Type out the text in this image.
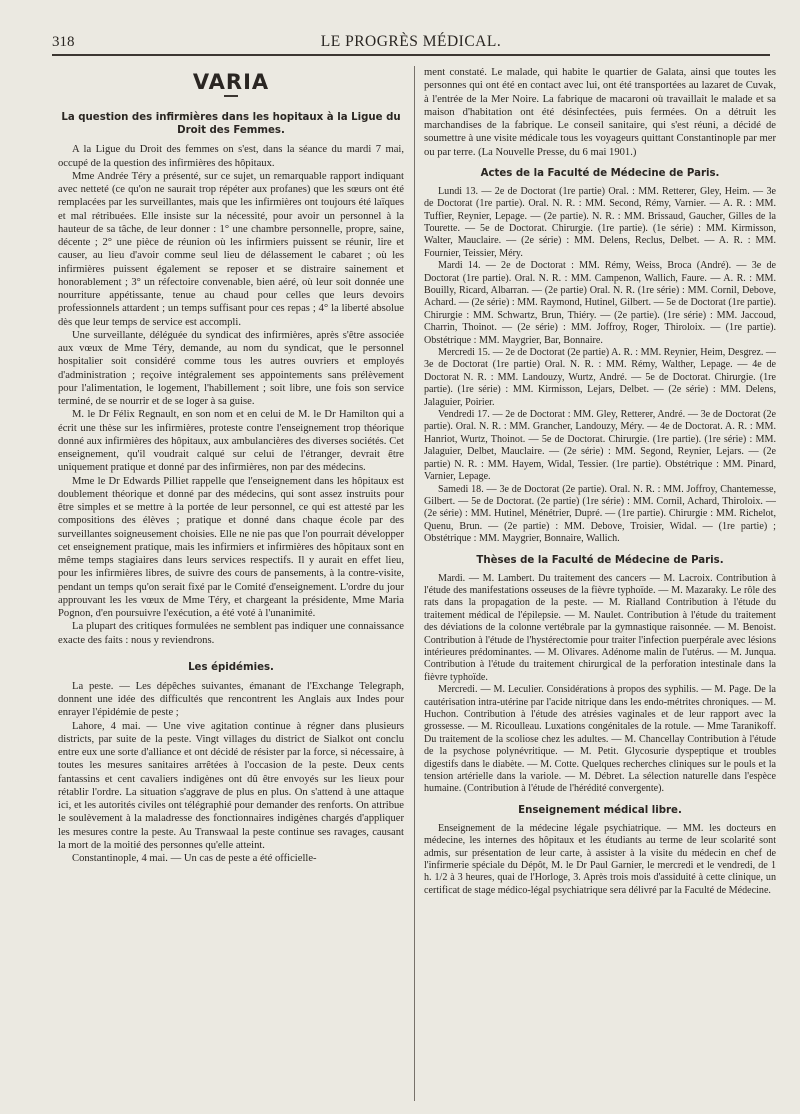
318	LE PROGRÈS MÉDICAL.
VARIA
La question des infirmières dans les hopitaux à la Ligue du Droit des Femmes.

A la Ligue du Droit des femmes on s'est, dans la séance du mardi 7 mai, occupé de la question des infirmières des hôpitaux.

Mme Andrée Téry a présenté, sur ce sujet, un remarquable rapport indiquant avec netteté (ce qu'on ne saurait trop répéter aux profanes) que les sœurs ont été remplacées par les surveillantes, mais que les infirmières ont toujours été laïques et mal rétribuées. Elle insiste sur la nécessité, pour avoir un personnel à la hauteur de sa tâche, de leur donner : 1° une chambre personnelle, propre, saine, décente ; 2° une pièce de réunion où les infirmiers puissent se réunir, lire et causer, au lieu d'avoir comme seul lieu de délassement le cabaret ; où les infirmières puissent également se reposer et se distraire sainement et honorablement ; 3° un réfectoire convenable, bien aéré, où leur soit donnée une nourriture appétissante, tenue au chaud pour celles que leurs devoirs professionnels attardent ; un temps suffisant pour ces repas ; 4° la liberté absolue dès que leur temps de service est accompli.

Une surveillante, déléguée du syndicat des infirmières, après s'être associée aux vœux de Mme Téry, demande, au nom du syndicat, que le personnel hospitalier soit considéré comme tous les autres ouvriers et employés d'administration ; reçoive intégralement ses appointements sans prélèvement pour l'alimentation, le logement, l'habillement ; soit libre, une fois son service terminé, de se nourrir et de se loger à sa guise.

M. le Dr Félix Regnault, en son nom et en celui de M. le Dr Hamilton qui a écrit une thèse sur les infirmières, proteste contre l'enseignement trop théorique donné aux infirmières des hôpitaux, aux ambulancières des diverses sociétés. Cet enseignement, qu'il voudrait calqué sur celui de l'étranger, devrait être uniquement pratique et donné par des infirmières, non par des médecins.

Mme le Dr Edwards Pilliet rappelle que l'enseignement dans les hôpitaux est doublement théorique et donné par des médecins, qui sont assez instruits pour être simples et se mettre à la portée de leur personnel, ce qui est attesté par les compositions des élèves ; pratique et donné dans chaque école par des surveillantes soigneusement choisies. Elle ne nie pas que l'on pourrait développer cet enseignement pratique, mais les infirmiers et infirmières des hôpitaux sont en même temps stagiaires dans leurs services respectifs. Il y aurait en effet lieu, pour les infirmières libres, de suivre des cours de pansements, à la contre-visite, pendant un temps qu'on serait fixé par le Comité d'enseignement. L'ordre du jour approuvant les les vœux de Mme Téry, et chargeant la présidente, Mme Maria Pognon, d'en poursuivre l'exécution, a été voté à l'unanimité.

La plupart des critiques formulées ne semblent pas indiquer une connaissance exacte des faits : nous y reviendrons.

Les épidémies.

La peste. — Les dépêches suivantes, émanant de l'Exchange Telegraph, donnent une idée des difficultés que rencontrent les Anglais aux Indes pour enrayer l'épidémie de peste ;

Lahore, 4 mai. — Une vive agitation continue à régner dans plusieurs districts, par suite de la peste. Vingt villages du district de Sialkot ont conclu entre eux une sorte d'alliance et ont décidé de résister par la force, si nécessaire, à toutes les mesures sanitaires arrêtées à l'occasion de la peste. Deux cents fantassins et cent cavaliers indigènes ont dû être envoyés sur les lieux pour rétablir l'ordre. La situation s'aggrave de plus en plus. On s'attend à une attaque ici, et les autorités civiles ont télégraphié pour demander des renforts. On attribue le soulèvement à la maladresse des fonctionnaires indigènes chargés d'appliquer les mesures contre la peste. Au Transwaal la peste continue ses ravages, causant la mort de la moitié des personnes qu'elle atteint.

Constantinople, 4 mai. — Un cas de peste a été officielle-

ment constaté. Le malade, qui habite le quartier de Galata, ainsi que toutes les personnes qui ont été en contact avec lui, ont été transportées au lazaret de Cuvak, à l'entrée de la Mer Noire. La fabrique de macaroni où travaillait le malade et sa maison d'habitation ont été désinfectées, puis fermées. On a détruit les marchandises de la fabrique. Le conseil sanitaire, qui s'est réuni, a décidé de soumettre à une visite médicale tous les voyageurs quittant Constantinople par mer ou par terre. (La Nouvelle Presse, du 6 mai 1901.)

Actes de la Faculté de Médecine de Paris.

Lundi 13. — 2e de Doctorat (1re partie) Oral. : MM. Retterer, Gley, Heim. — 3e de Doctorat (1re partie). Oral. N. R. : MM. Second, Rémy, Varnier. — A. R. : MM. Tuffier, Reynier, Lepage. — (2e partie). N. R. : MM. Brissaud, Gaucher, Gilles de la Tourette. — 5e de Doctorat. Chirurgie. (1re partie). (1e série) : MM. Kirmisson, Walter, Mauclaire. — (2e série) : MM. Delens, Reclus, Delbet. — A. R. : MM. Fournier, Teissier, Méry.

Mardi 14. — 2e de Doctorat : MM. Rémy, Weiss, Broca (André). — 3e de Doctorat (1re partie). Oral. N. R. : MM. Campenon, Wallich, Faure. — A. R. : MM. Bouilly, Ricard, Albarran. — (2e partie) Oral. N. R. (1re série) : MM. Cornil, Debove, Achard. — (2e série) : MM. Raymond, Hutinel, Gilbert. — 5e de Doctorat (1re partie). Chirurgie : MM. Schwartz, Brun, Thiéry. — (2e partie). (1re série) : MM. Jaccoud, Charrin, Thoinot. — (2e série) : MM. Joffroy, Roger, Thiroloix. — (1re partie). Obstétrique : MM. Maygrier, Bar, Bonnaire.

Mercredi 15. — 2e de Doctorat (2e partie) A. R. : MM. Reynier, Heim, Desgrez. — 3e de Doctorat (1re partie) Oral. N. R. : MM. Rémy, Walther, Lepage. — 4e de Doctorat N. R. : MM. Landouzy, Wurtz, André. — 5e de Doctorat. Chirurgie. (1re partie). (1re série) : MM. Kirmisson, Lejars, Delbet. — (2e série) : MM. Delens, Jalaguier, Poirier.

Vendredi 17. — 2e de Doctorat : MM. Gley, Retterer, André. — 3e de Doctorat (2e partie). Oral. N. R. : MM. Grancher, Landouzy, Méry. — 4e de Doctorat. A. R. : MM. Hanriot, Wurtz, Thoinot. — 5e de Doctorat. Chirurgie. (1re partie). (1re série) : MM. Jalaguier, Delbet, Mauclaire. — (2e série) : MM. Segond, Reynier, Lejars. — (2e partie) N. R. : MM. Hayem, Widal, Tessier. (1re partie). Obstétrique : MM. Pinard, Varnier, Lepage.

Samedi 18. — 3e de Doctorat (2e partie). Oral. N. R. : MM. Joffroy, Chantemesse, Gilbert. — 5e de Doctorat. (2e partie) (1re série) : MM. Cornil, Achard, Thiroloix. — (2e série) : MM. Hutinel, Ménétrier, Dupré. — (1re partie). Chirurgie : MM. Richelot, Quenu, Brun. — (2e partie) : MM. Debove, Troisier, Widal. — (1re partie) ; Obstétrique : MM. Maygrier, Bonnaire, Wallich.

Thèses de la Faculté de Médecine de Paris.

Mardi. — M. Lambert. Du traitement des cancers — M. Lacroix. Contribution à l'étude des manifestations osseuses de la fièvre typhoïde. — M. Mazaraky. Le rôle des rats dans la propagation de la peste. — M. Rialland Contribution à l'étude du traitement médical de l'épilepsie. — M. Naulet. Contribution à l'étude du traitement des déviations de la colonne vertébrale par la gymnastique raisonnée. — M. Benoist. Contribution à l'étude de l'hystérectomie pour traiter l'infection puerpérale avec lésions intérieures prédominantes. — M. Olivares. Adénome malin de l'utérus. — M. Junqua. Contribution à l'étude du traitement chirurgical de la perforation intestinale dans la fièvre typhoïde.

Mercredi. — M. Leculier. Considérations à propos des syphilis. — M. Page. De la cautérisation intra-utérine par l'acide nitrique dans les endo-métrites chroniques. — M. Huchon. Contribution à l'étude des atrésies vaginales et de leur rapport avec la grossesse. — M. Ricoulleau. Luxations congénitales de la rotule. — Mme Taranikoff. Du traitement de la scoliose chez les adultes. — M. Chancellay Contribution à l'étude de la psychose polynévritique. — M. Petit. Glycosurie dyspeptique et troubles digestifs dans le diabète. — M. Cotte. Quelques recherches cliniques sur le pouls et la tension artérielle dans la variole. — M. Débret. La sélection naturelle dans l'espèce humaine. (Contribution à l'étude de l'hérédité convergente).

Enseignement médical libre.

Enseignement de la médecine légale psychiatrique. — MM. les docteurs en médecine, les internes des hôpitaux et les étudiants au terme de leur scolarité sont admis, sur présentation de leur carte, à assister à la visite du médecin en chef de l'infirmerie spéciale du Dépôt, M. le Dr Paul Garnier, le mercredi et le vendredi, de 1 h. 1/2 à 3 heures, quai de l'Horloge, 3. Après trois mois d'assiduité à cette clinique, un certificat de stage médico-légal psychiatrique sera délivré par la Faculté de Médecine.
